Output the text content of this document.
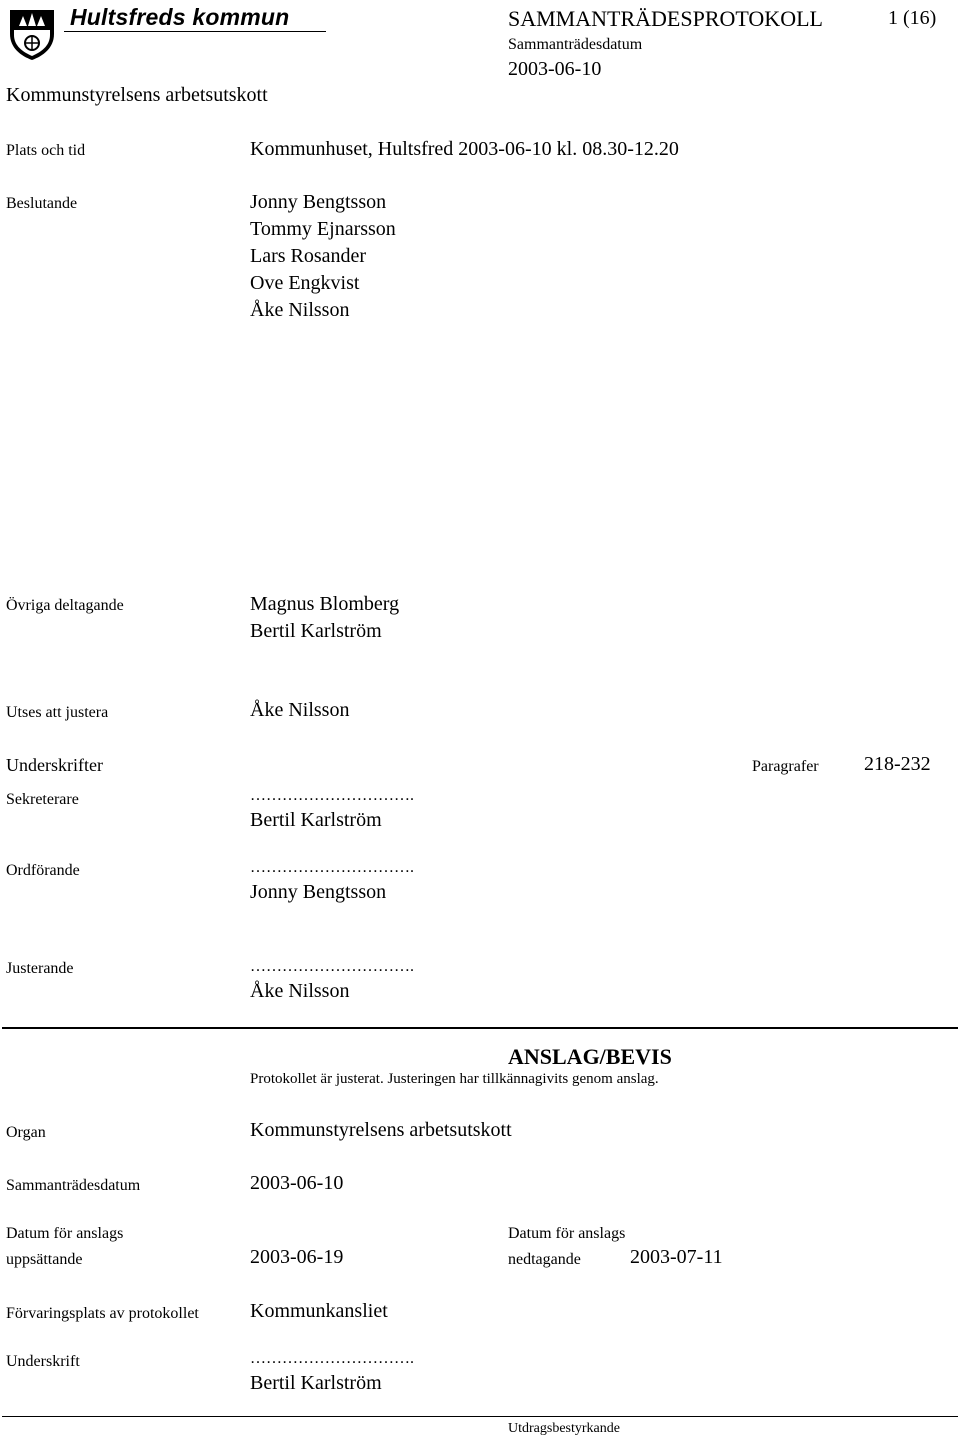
Hultsfreds kommun	SAMMANTRÄDESPROTOKOLL	1 (16)
Sammanträdesdatum
2003-06-10
Kommunstyrelsens arbetsutskott
Plats och tid	Kommunhuset, Hultsfred 2003-06-10 kl. 08.30-12.20
Beslutande	Jonny Bengtsson
Tommy Ejnarsson
Lars Rosander
Ove Engkvist
Åke Nilsson
Övriga deltagande	Magnus Blomberg
Bertil Karlström
Utses att justera	Åke Nilsson
Underskrifter	Paragrafer 218-232
Sekreterare	………………………….
Bertil Karlström
Ordförande	………………………….
Jonny Bengtsson
Justerande	………………………….
Åke Nilsson
ANSLAG/BEVIS
Protokollet är justerat. Justeringen har tillkännagivits genom anslag.
Organ	Kommunstyrelsens arbetsutskott
Sammanträdesdatum	2003-06-10
Datum för anslags
uppsättande	2003-06-19
Datum för anslags
nedtagande 2003-07-11
Förvaringsplats av protokollet	Kommunkansliet
Underskrift	………………………….
Bertil Karlström
Utdragsbestyrkande
